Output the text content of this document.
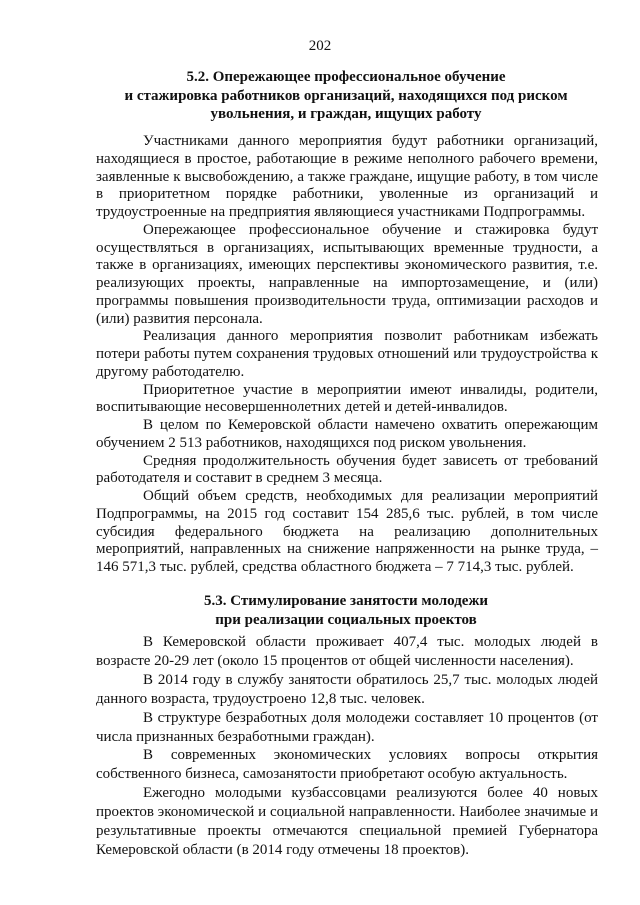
202
5.2. Опережающее профессиональное обучение
и стажировка работников организаций, находящихся под риском
увольнения, и граждан, ищущих работу

Участниками данного мероприятия будут работники организаций, находящиеся в простое, работающие в режиме неполного рабочего времени, заявленные к высвобождению, а также граждане, ищущие работу, в том числе в приоритетном порядке работники, уволенные из организаций и трудоустроенные на предприятия являющиеся участниками Подпрограммы.

Опережающее профессиональное обучение и стажировка будут осуществляться в организациях, испытывающих временные трудности, а также в организациях, имеющих перспективы экономического развития, т.е. реализующих проекты, направленные на импортозамещение, и (или) программы повышения производительности труда, оптимизации расходов и (или) развития персонала.

Реализация данного мероприятия позволит работникам избежать потери работы путем сохранения трудовых отношений или трудоустройства к другому работодателю.

Приоритетное участие в мероприятии имеют инвалиды, родители, воспитывающие несовершеннолетних детей и детей-инвалидов.

В целом по Кемеровской области намечено охватить опережающим обучением 2 513 работников, находящихся под риском увольнения.

Средняя продолжительность обучения будет зависеть от требований работодателя и составит в среднем 3 месяца.

Общий объем средств, необходимых для реализации мероприятий Подпрограммы, на 2015 год составит 154 285,6 тыс. рублей, в том числе субсидия федерального бюджета на реализацию дополнительных мероприятий, направленных на снижение напряженности на рынке труда, – 146 571,3 тыс. рублей, средства областного бюджета – 7 714,3 тыс. рублей.

5.3. Стимулирование занятости молодежи
при реализации социальных проектов

В Кемеровской области проживает 407,4 тыс. молодых людей в возрасте 20-29 лет (около 15 процентов от общей численности населения).

В 2014 году в службу занятости обратилось 25,7 тыс. молодых людей данного возраста, трудоустроено 12,8 тыс. человек.

В структуре безработных доля молодежи составляет 10 процентов (от числа признанных безработными граждан).

В современных экономических условиях вопросы открытия собственного бизнеса, самозанятости приобретают особую актуальность.

Ежегодно молодыми кузбассовцами реализуются более 40 новых проектов экономической и социальной направленности. Наиболее значимые и результативные проекты отмечаются специальной премией Губернатора Кемеровской области (в 2014 году отмечены 18 проектов).
